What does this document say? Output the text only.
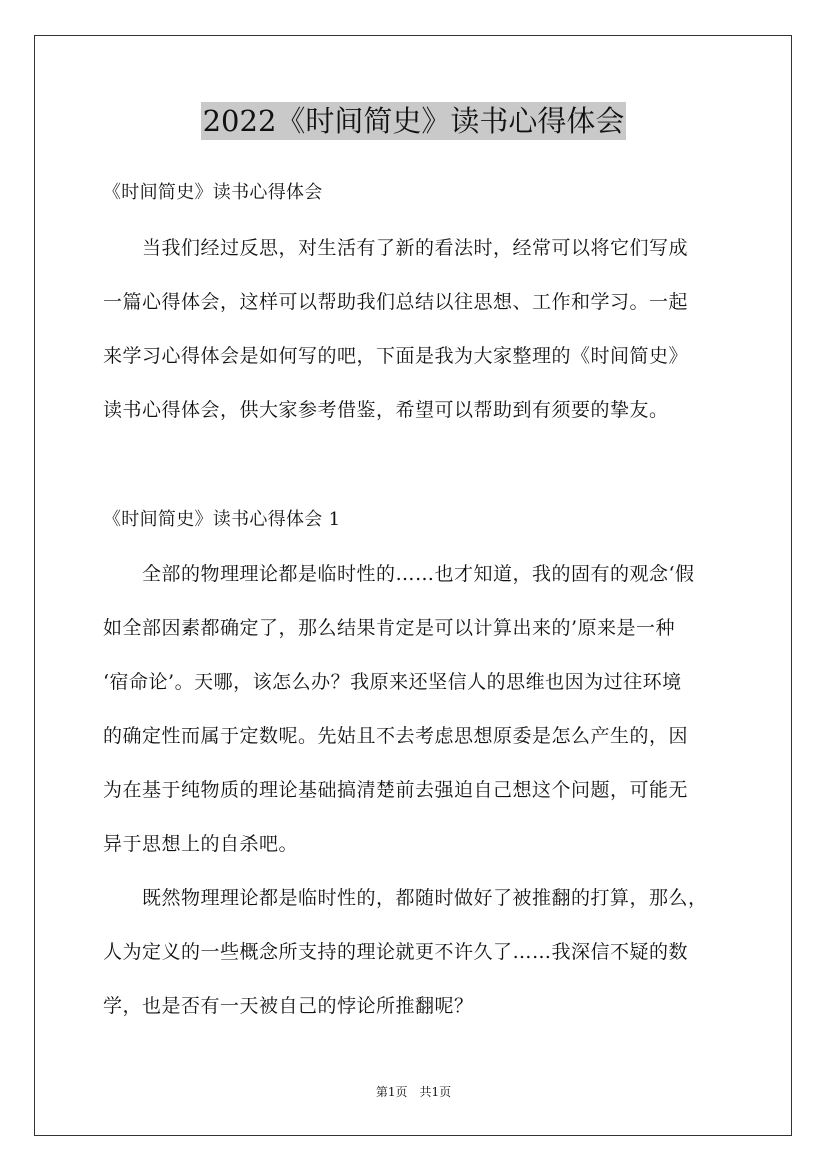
2022《时间简史》读书心得体会
《时间简史》读书心得体会
　　当我们经过反思，对生活有了新的看法时，经常可以将它们写成
一篇心得体会，这样可以帮助我们总结以往思想、工作和学习。一起
来学习心得体会是如何写的吧，下面是我为大家整理的《时间简史》
读书心得体会，供大家参考借鉴，希望可以帮助到有须要的挚友。
《时间简史》读书心得体会 1
　　全部的物理理论都是临时性的……也才知道，我的固有的观念‘假
如全部因素都确定了，那么结果肯定是可以计算出来的’原来是一种
‘宿命论’。天哪，该怎么办？我原来还坚信人的思维也因为过往环境
的确定性而属于定数呢。先姑且不去考虑思想原委是怎么产生的，因
为在基于纯物质的理论基础搞清楚前去强迫自己想这个问题，可能无
异于思想上的自杀吧。
　　既然物理理论都是临时性的，都随时做好了被推翻的打算，那么，
人为定义的一些概念所支持的理论就更不许久了……我深信不疑的数
学，也是否有一天被自己的悖论所推翻呢？
第1页　共1页
